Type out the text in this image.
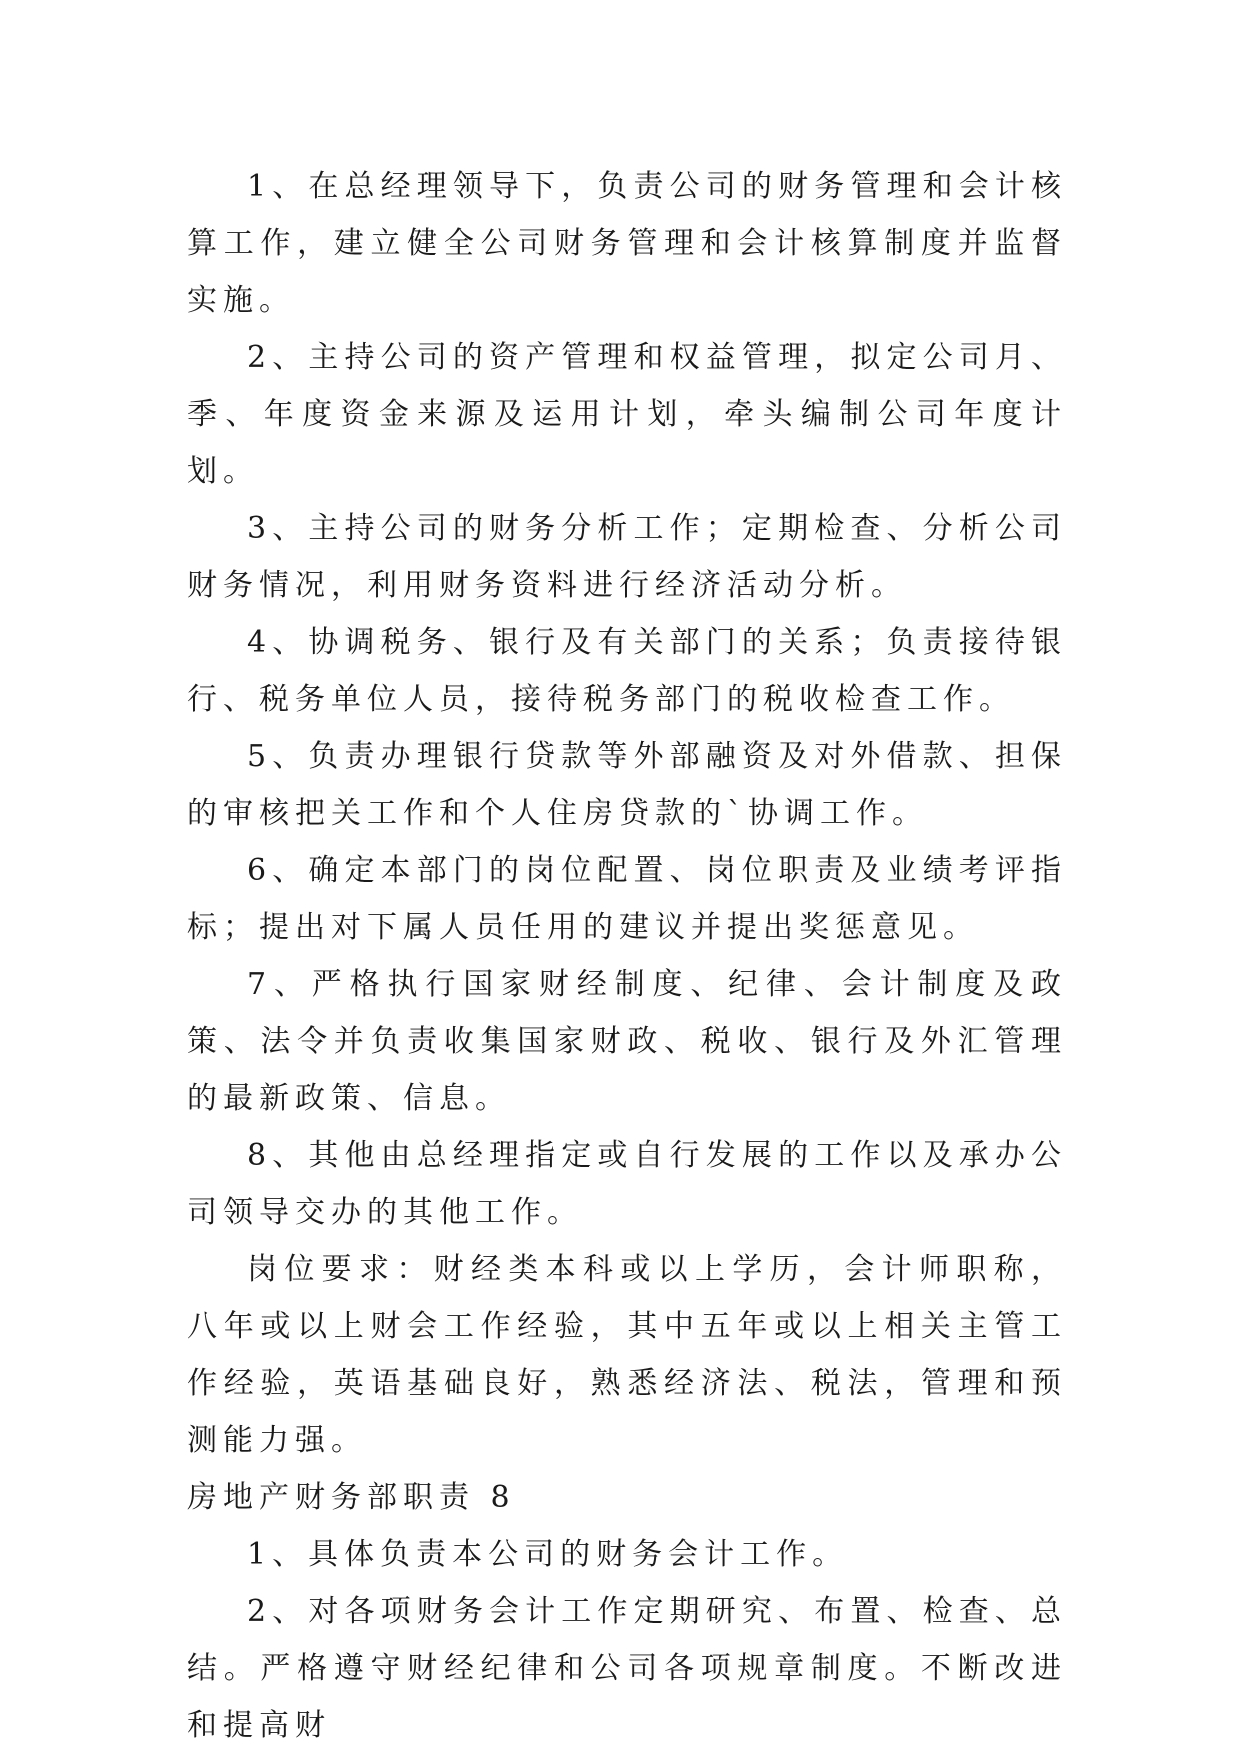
1、在总经理领导下，负责公司的财务管理和会计核算工作，建立健全公司财务管理和会计核算制度并监督实施。

2、主持公司的资产管理和权益管理，拟定公司月、季、年度资金来源及运用计划，牵头编制公司年度计划。

3、主持公司的财务分析工作；定期检查、分析公司财务情况，利用财务资料进行经济活动分析。

4、协调税务、银行及有关部门的关系；负责接待银行、税务单位人员，接待税务部门的税收检查工作。

5、负责办理银行贷款等外部融资及对外借款、担保的审核把关工作和个人住房贷款的`协调工作。

6、确定本部门的岗位配置、岗位职责及业绩考评指标；提出对下属人员任用的建议并提出奖惩意见。

7、严格执行国家财经制度、纪律、会计制度及政策、法令并负责收集国家财政、税收、银行及外汇管理的最新政策、信息。

8、其他由总经理指定或自行发展的工作以及承办公司领导交办的其他工作。

岗位要求：财经类本科或以上学历，会计师职称，八年或以上财会工作经验，其中五年或以上相关主管工作经验，英语基础良好，熟悉经济法、税法，管理和预测能力强。

房地产财务部职责 8

1、具体负责本公司的财务会计工作。

2、对各项财务会计工作定期研究、布置、检查、总结。严格遵守财经纪律和公司各项规章制度。不断改进和提高财
